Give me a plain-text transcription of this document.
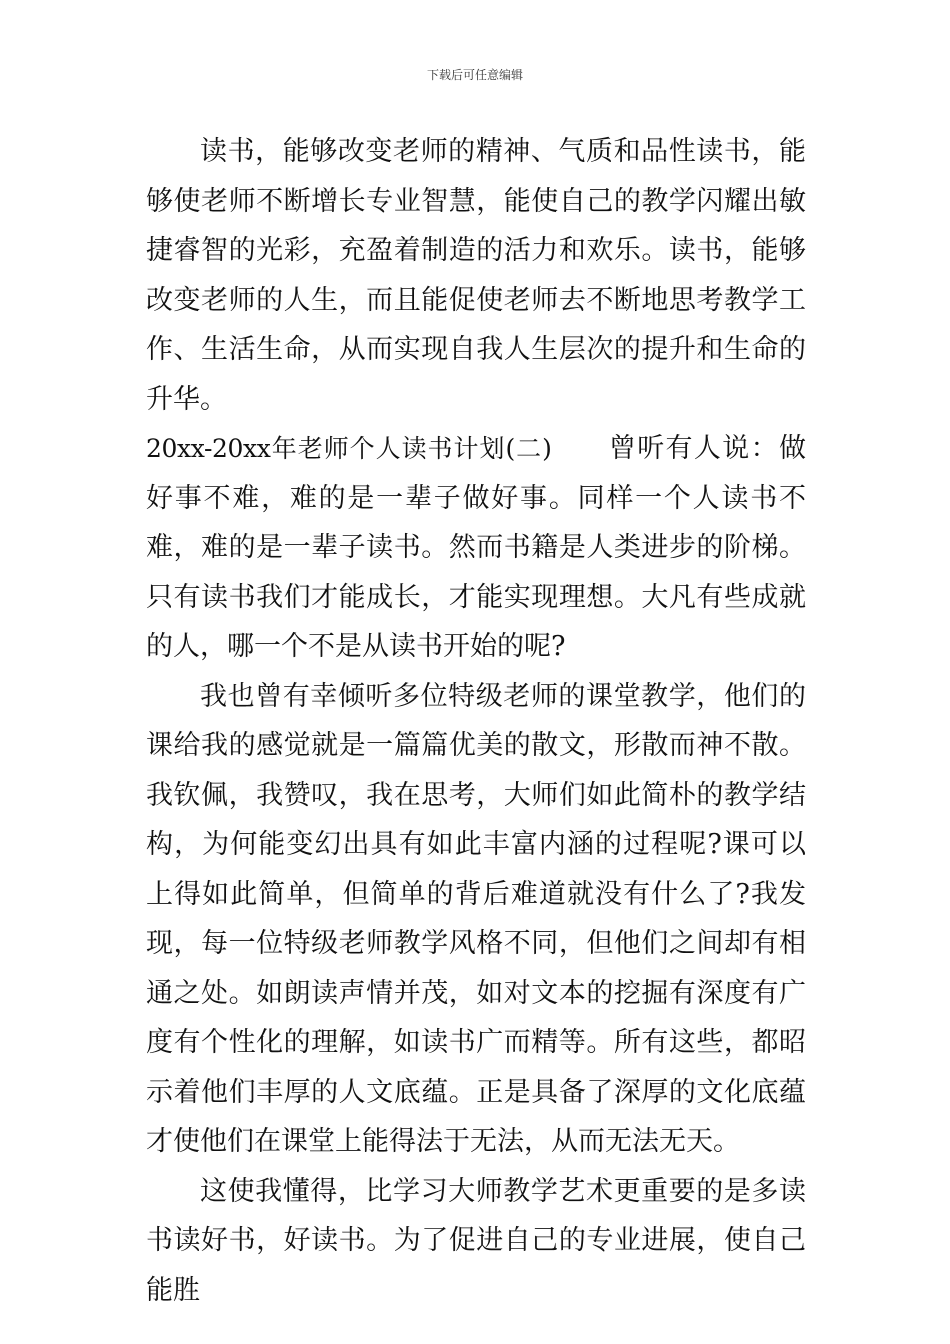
下载后可任意编辑

读书，能够改变老师的精神、气质和品性读书，能够使老师不断增长专业智慧，能使自己的教学闪耀出敏捷睿智的光彩，充盈着制造的活力和欢乐。读书，能够改变老师的人生，而且能促使老师去不断地思考教学工作、生活生命，从而实现自我人生层次的提升和生命的升华。

20xx-20xx年老师个人读书计划(二) 曾听有人说：做好事不难，难的是一辈子做好事。同样一个人读书不难，难的是一辈子读书。然而书籍是人类进步的阶梯。只有读书我们才能成长，才能实现理想。大凡有些成就的人，哪一个不是从读书开始的呢?

我也曾有幸倾听多位特级老师的课堂教学，他们的课给我的感觉就是一篇篇优美的散文，形散而神不散。我钦佩，我赞叹，我在思考，大师们如此简朴的教学结构，为何能变幻出具有如此丰富内涵的过程呢?课可以上得如此简单，但简单的背后难道就没有什么了?我发现，每一位特级老师教学风格不同，但他们之间却有相通之处。如朗读声情并茂，如对文本的挖掘有深度有广度有个性化的理解，如读书广而精等。所有这些，都昭示着他们丰厚的人文底蕴。正是具备了深厚的文化底蕴才使他们在课堂上能得法于无法，从而无法无天。

这使我懂得，比学习大师教学艺术更重要的是多读书读好书，好读书。为了促进自己的专业进展，使自己能胜
